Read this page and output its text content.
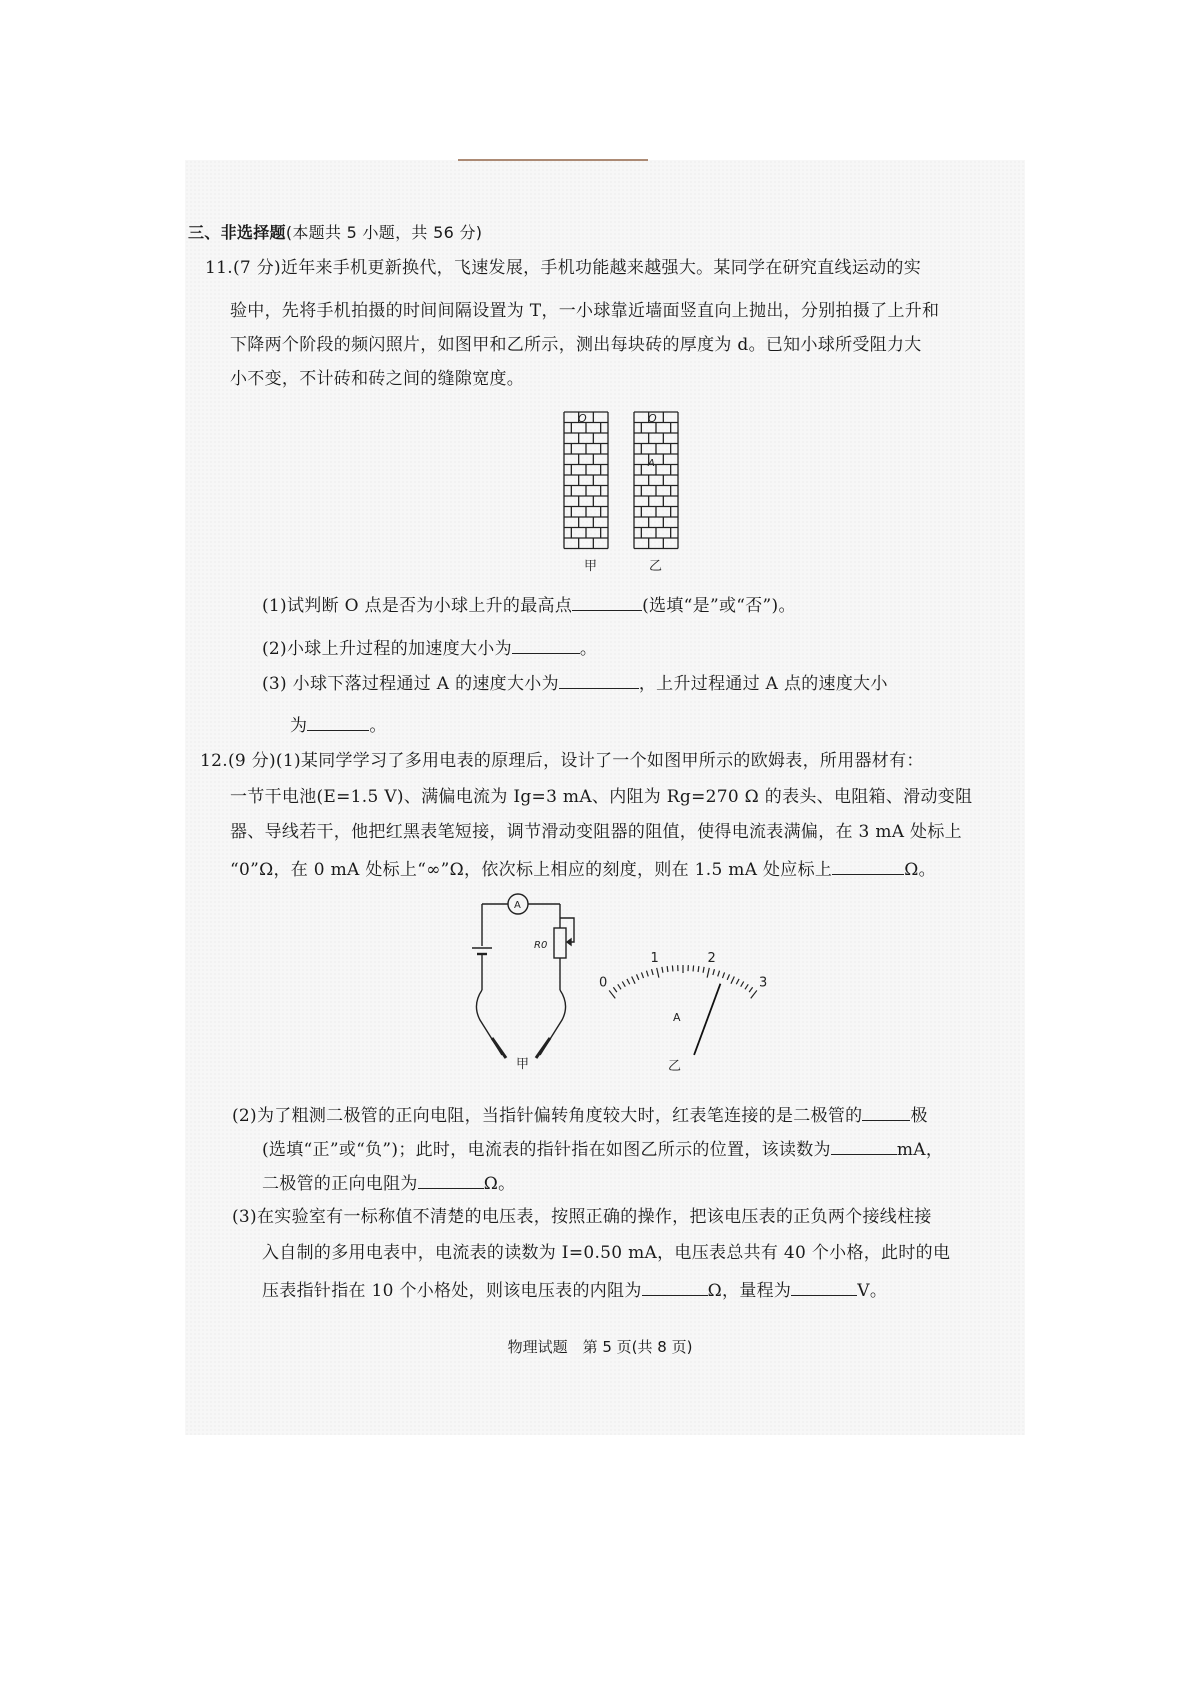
三、非选择题(本题共 5 小题，共 56 分)
11.(7 分)近年来手机更新换代，飞速发展，手机功能越来越强大。某同学在研究直线运动的实
验中，先将手机拍摄的时间间隔设置为 T，一小球靠近墙面竖直向上抛出，分别拍摄了上升和
下降两个阶段的频闪照片，如图甲和乙所示，测出每块砖的厚度为 d。已知小球所受阻力大
小不变，不计砖和砖之间的缝隙宽度。
O	O
A
甲	乙
(1)试判断 O 点是否为小球上升的最高点	(选填“是”或“否”)。
(2)小球上升过程的加速度大小为	。
(3) 小球下落过程通过 A 的速度大小为	，上升过程通过 A 点的速度大小
为	。
12.(9 分)(1)某同学学习了多用电表的原理后，设计了一个如图甲所示的欧姆表，所用器材有：
一节干电池(E=1.5 V)、满偏电流为 Ig=3 mA、内阻为 Rg=270 Ω 的表头、电阻箱、滑动变阻
器、导线若干，他把红黑表笔短接，调节滑动变阻器的阻值，使得电流表满偏，在 3 mA 处标上
“0”Ω，在 0 mA 处标上“∞”Ω，依次标上相应的刻度，则在 1.5 mA 处应标上	Ω。
A
R0
甲
0
1	2
3
A
乙
(2)为了粗测二极管的正向电阻，当指针偏转角度较大时，红表笔连接的是二极管的	极
(选填“正”或“负”)；此时，电流表的指针指在如图乙所示的位置，该读数为	mA，
二极管的正向电阻为	Ω。
(3)在实验室有一标称值不清楚的电压表，按照正确的操作，把该电压表的正负两个接线柱接
入自制的多用电表中，电流表的读数为 I=0.50 mA，电压表总共有 40 个小格，此时的电
压表指针指在 10 个小格处，则该电压表的内阻为	Ω，量程为	V。
物理试题　第 5 页(共 8 页)
